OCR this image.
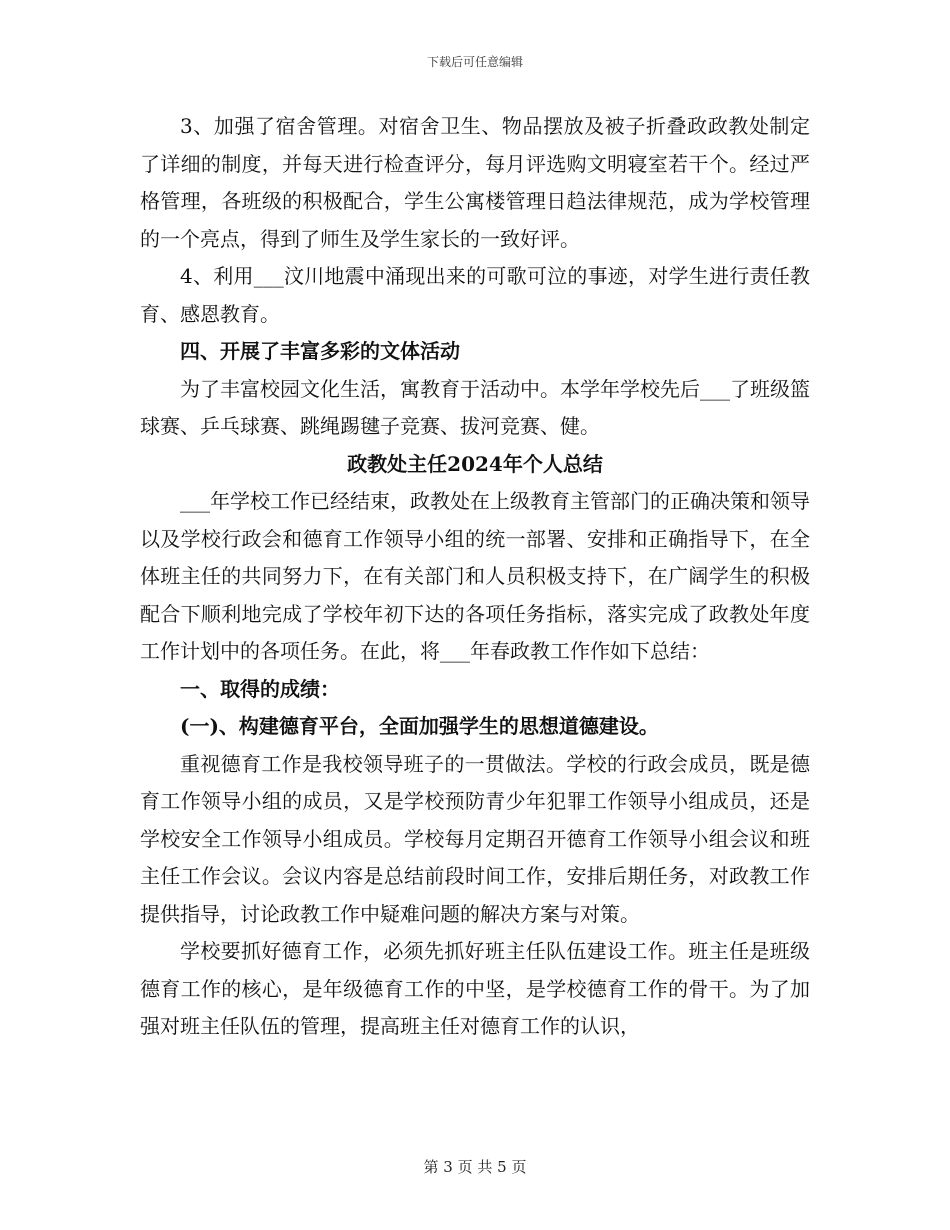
下载后可任意编辑

3、加强了宿舍管理。对宿舍卫生、物品摆放及被子折叠政政教处制定了详细的制度，并每天进行检查评分，每月评选购文明寝室若干个。经过严格管理，各班级的积极配合，学生公寓楼管理日趋法律规范，成为学校管理的一个亮点，得到了师生及学生家长的一致好评。

4、利用___汶川地震中涌现出来的可歌可泣的事迹，对学生进行责任教育、感恩教育。

四、开展了丰富多彩的文体活动

为了丰富校园文化生活，寓教育于活动中。本学年学校先后___了班级篮球赛、乒乓球赛、跳绳踢毽子竞赛、拔河竞赛、健。

政教处主任2024年个人总结

___年学校工作已经结束，政教处在上级教育主管部门的正确决策和领导以及学校行政会和德育工作领导小组的统一部署、安排和正确指导下，在全体班主任的共同努力下，在有关部门和人员积极支持下，在广阔学生的积极配合下顺利地完成了学校年初下达的各项任务指标，落实完成了政教处年度工作计划中的各项任务。在此，将___年春政教工作作如下总结：

一、取得的成绩：

(一)、构建德育平台，全面加强学生的思想道德建设。

重视德育工作是我校领导班子的一贯做法。学校的行政会成员，既是德育工作领导小组的成员，又是学校预防青少年犯罪工作领导小组成员，还是学校安全工作领导小组成员。学校每月定期召开德育工作领导小组会议和班主任工作会议。会议内容是总结前段时间工作，安排后期任务，对政教工作提供指导，讨论政教工作中疑难问题的解决方案与对策。

学校要抓好德育工作，必须先抓好班主任队伍建设工作。班主任是班级德育工作的核心，是年级德育工作的中坚，是学校德育工作的骨干。为了加强对班主任队伍的管理，提高班主任对德育工作的认识，

第 3 页 共 5 页
